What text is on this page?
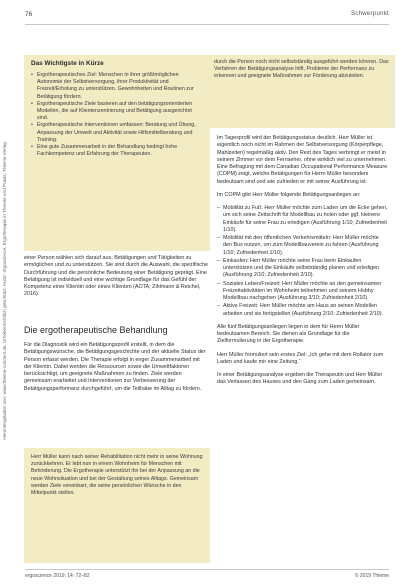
Heruntergeladen von: www.thieme-connect.de. Urheberrechtlich geschützt. Autor: ergoscience, Ergotherapie in Theorie und Praxis, Thieme Verlag
76	Schwerpunkt
Das Wichtigste in Kürze
• Ergotherapeutisches Ziel: Menschen in ihrer größtmöglichen Autonomie der Selbstversorgung, ihrer Produktivität und Freizeit/Erholung zu unterstützen. Gewohnheiten und Routinen zur Betätigung fördern.
• Ergotherapeutische Ziele basieren auf den betätigungsorientierten Modellen, die auf Klientenzentrierung und Betätigung ausgerichtet sind.
• Ergotherapeutische Interventionen umfassen: Beratung und Übung, Anpassung der Umwelt und Aktivität sowie Hilfsmittelberatung und Training.
• Eine gute Zusammenarbeit in der Behandlung bedingt hohe Fachkompetenz und Erfahrung der Therapeuten.

durch die Person noch nicht selbstständig ausgeführt werden können. Das Verfahren der Betätigungsanalyse hilft, Probleme der Performanz zu erkennen und geeignete Maßnahmen zur Förderung abzuleiten.

einer Person wählen sich darauf aus, Betätigungen und Tätigkeiten zu ermöglichen und zu unterstützen. Sie sind durch die Auswahl, die spezifische Durchführung und die persönliche Bedeutung einer Betätigung geprägt. Eine Betätigung ist individuell und eine wichtige Grundlage für das Gefühl der Kompetenz einer Klientin oder eines Klienten (AOTA; Zihlmann & Reichel, 2016).

Die ergotherapeutische Behandlung

Für die Diagnostik wird ein Betätigungsprofil erstellt, in dem die Betätigungswünsche, die Betätigungsgeschichte und der aktuelle Status der Person erfasst werden. Die Therapie erfolgt in enger Zusammenarbeit mit der Klientin. Dabei werden die Ressourcen sowie die Umweltfaktoren berücksichtigt, um geeignete Maßnahmen zu finden. Ziele werden gemeinsam erarbeitet und Interventionen zur Verbesserung der Betätigungsperformanz durchgeführt, um die Teilhabe im Alltag zu fördern.

Herr Müller kann nach seiner Rehabilitation nicht mehr in seine Wohnung zurückkehren. Er lebt nun in einem Wohnheim für Menschen mit Behinderung. Die Ergotherapie unterstützt ihn bei der Anpassung an die neue Wohnsituation und bei der Gestaltung seines Alltags. Gemeinsam werden Ziele vereinbart, die seine persönlichen Wünsche in den Mittelpunkt stellen.

Im Tagesprofil wird der Betätigungsstatus deutlich. Herr Müller ist eigentlich noch nicht im Rahmen der Selbstversorgung (Körperpflege, Mahlzeiten) regelmäßig aktiv. Den Rest des Tages verbringt er meist in seinem Zimmer vor dem Fernseher, ohne wirklich viel zu unternehmen. Eine Befragung mit dem Canadian Occupational Performance Measure (COPM) zeigt, welche Betätigungen für Herrn Müller besonders bedeutsam sind und wie zufrieden er mit seiner Ausführung ist.

Im COPM gibt Herr Müller folgende Betätigungsanliegen an:

– Mobilität zu Fuß: Herr Müller möchte zum Laden um die Ecke gehen, um sich seine Zeitschrift für Modellbau zu holen oder ggf. kleinere Einkäufe für seine Frau zu erledigen (Ausführung 1/10; Zufriedenheit 1/10).
– Mobilität mit den öffentlichen Verkehrsmitteln: Herr Müller möchte den Bus nutzen, um zum Modellbauverein zu fahren (Ausführung 1/10; Zufriedenheit 1/10).
– Einkaufen: Herr Müller möchte seine Frau beim Einkaufen unterstützen und die Einkäufe selbstständig planen und erledigen (Ausführung 2/10; Zufriedenheit 2/10).
– Soziales Leben/Freizeit: Herr Müller möchte an den gemeinsamen Freizeitaktivitäten im Wohnheim teilnehmen und seinem Hobby Modellbau nachgehen (Ausführung 3/10; Zufriedenheit 2/10).
– Aktive Freizeit: Herr Müller möchte am Haus an seinen Modellen arbeiten und sie fertigstellen (Ausführung 2/10; Zufriedenheit 2/10).

Alle fünf Betätigungsanliegen liegen in dem für Herrn Müller bedeutsamen Bereich. Sie dienen als Grundlage für die Zielformulierung in der Ergotherapie.

Herr Müller formuliert sein erstes Ziel: „Ich gehe mit dem Rollator zum Laden und kaufe mir eine Zeitung.“

In einer Betätigungsanalyse ergeben die Therapeutin und Herr Müller das Verlassen des Hauses und den Gang zum Laden gemeinsam.

ergoscience 2019; 14: 72–82	© 2019 Thieme
